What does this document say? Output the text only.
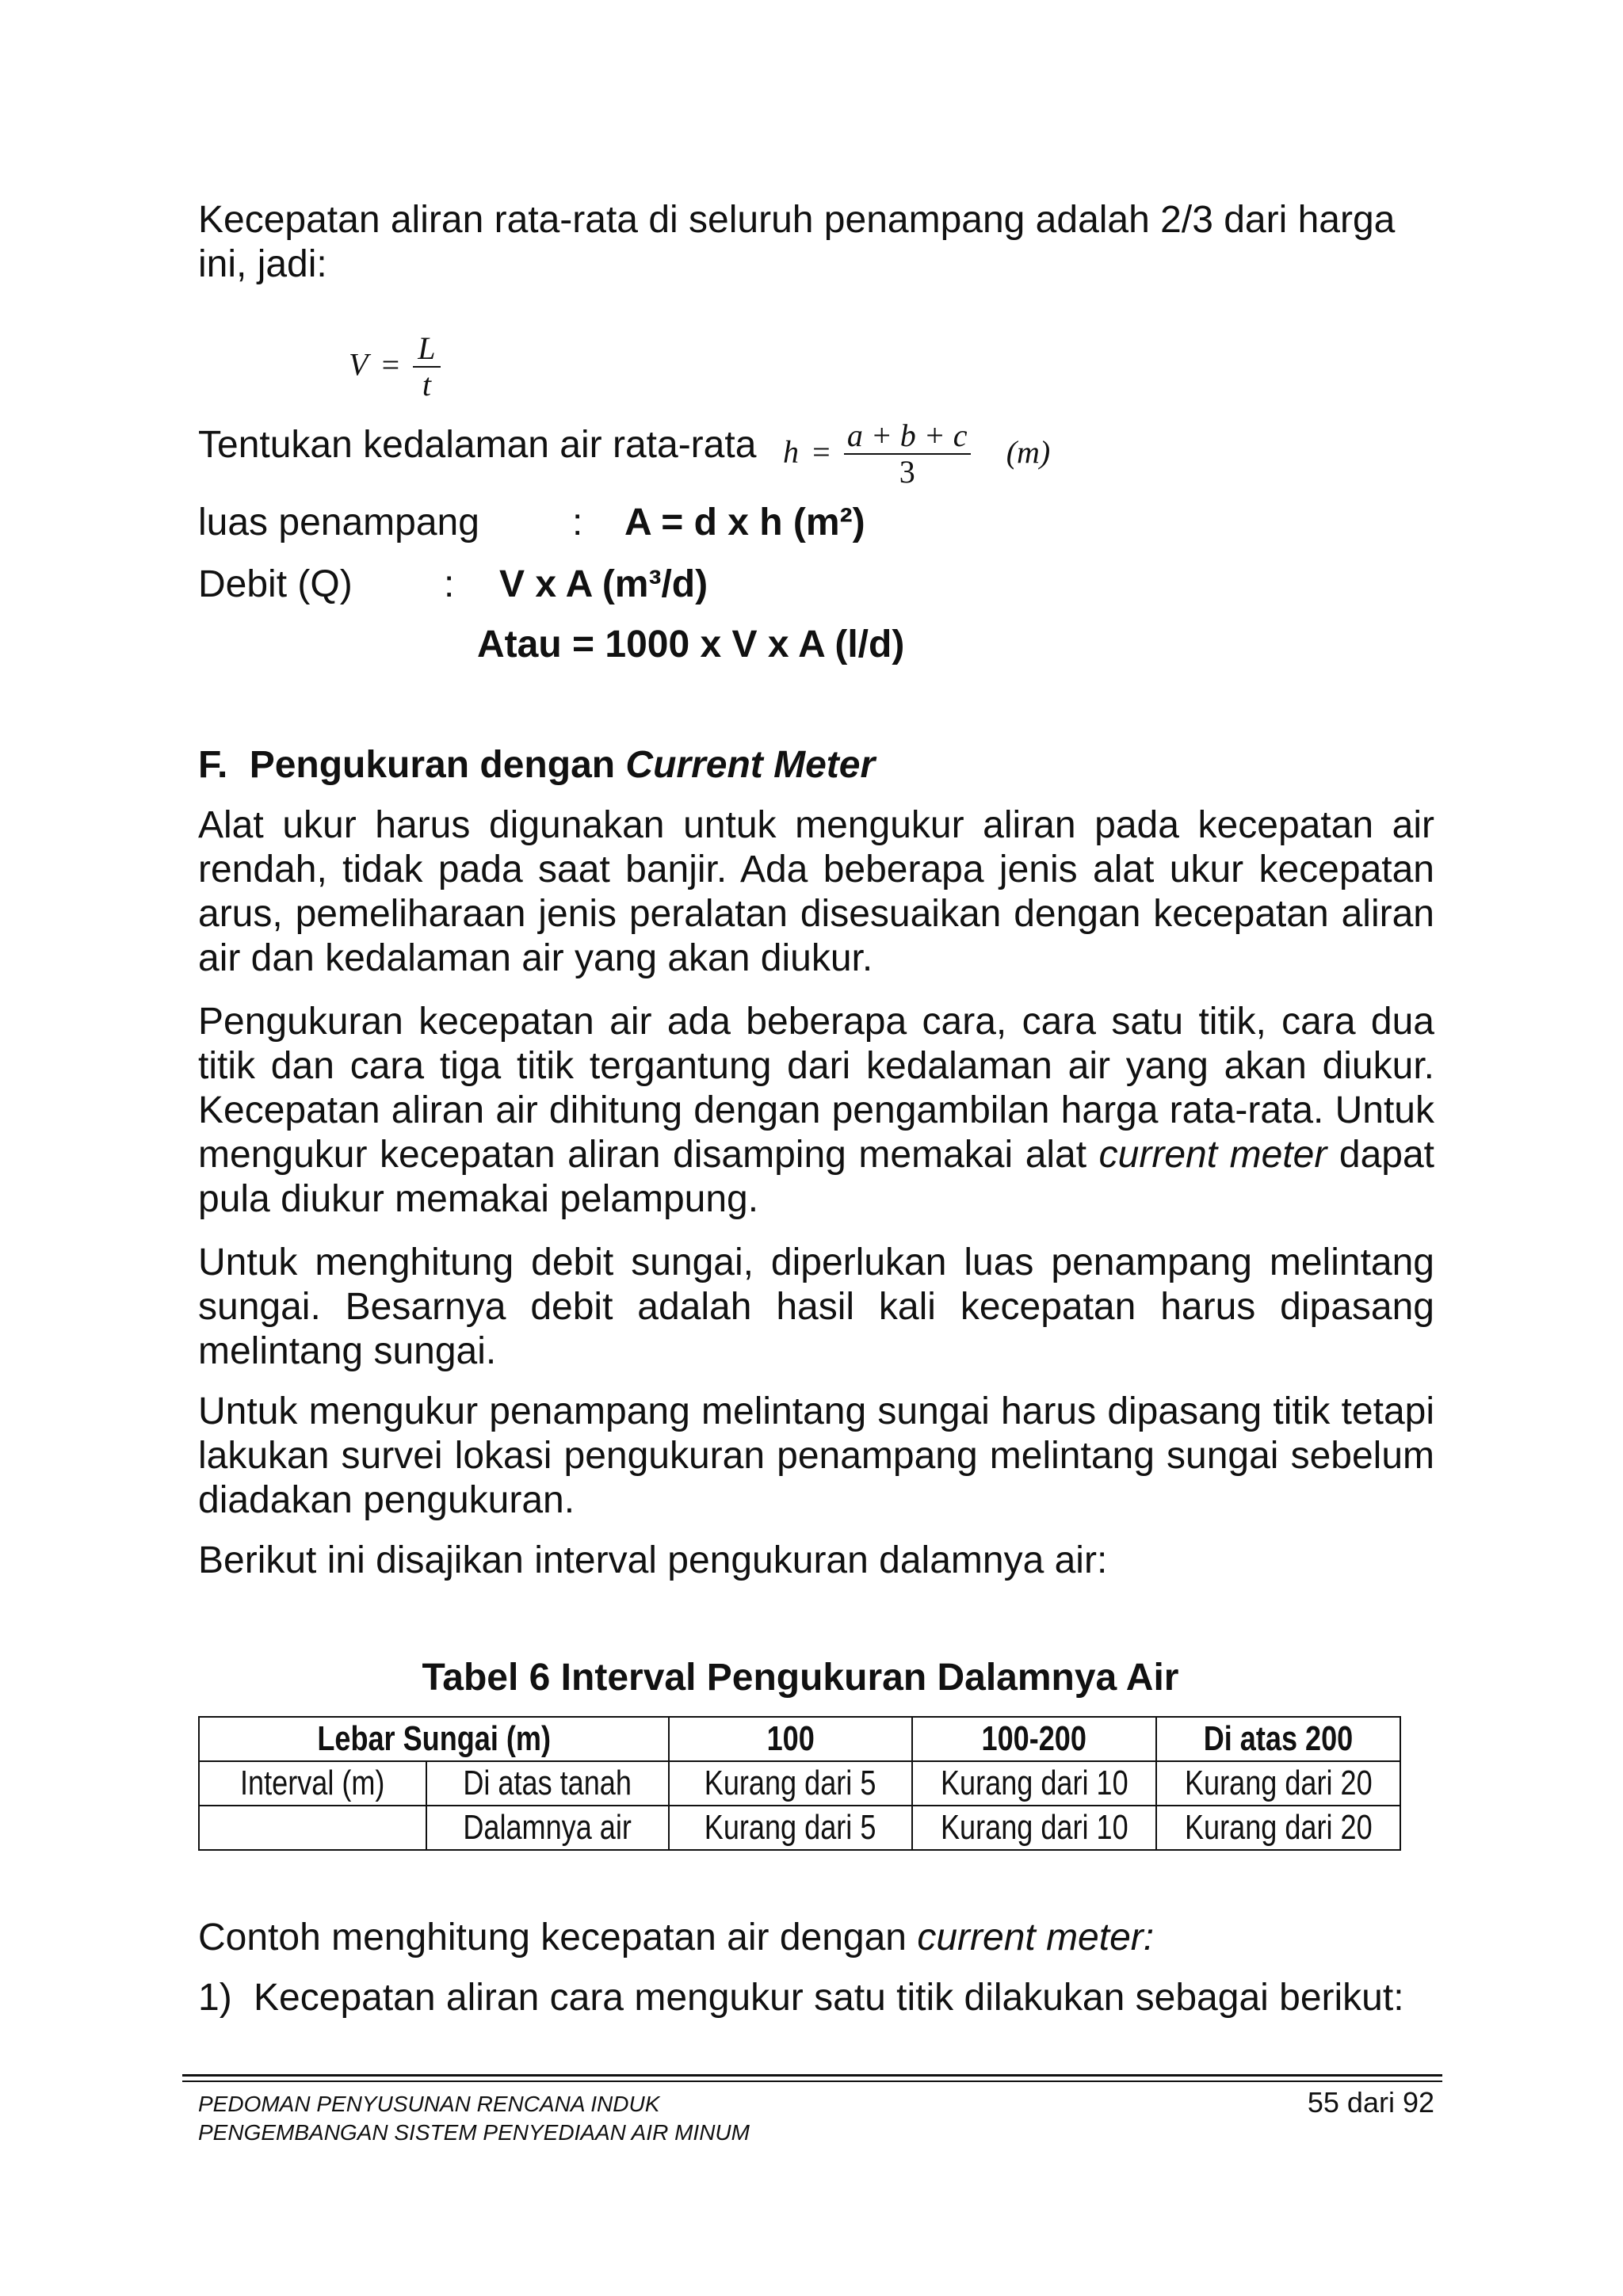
Kecepatan aliran rata-rata di seluruh penampang adalah 2/3 dari harga

ini, jadi:

$V = \frac{L}{t}$
Tentukan kedalaman air rata-rata $h = \frac{a + b + c}{3} (m)$
luas penampang : A = d x h (m²)
Debit (Q) : V x A (m³/d)
Atau = 1000 x V x A (l/d)
F. Pengukuran dengan Current Meter

Alat ukur harus digunakan untuk mengukur aliran pada kecepatan air rendah, tidak pada saat banjir. Ada beberapa jenis alat ukur kecepatan arus, pemeliharaan jenis peralatan disesuaikan dengan kecepatan aliran air dan kedalaman air yang akan diukur.

Pengukuran kecepatan air ada beberapa cara, cara satu titik, cara dua titik dan cara tiga titik tergantung dari kedalaman air yang akan diukur. Kecepatan aliran air dihitung dengan pengambilan harga rata-rata. Untuk mengukur kecepatan aliran disamping memakai alat current meter dapat pula diukur memakai pelampung.

Untuk menghitung debit sungai, diperlukan luas penampang melintang sungai. Besarnya debit adalah hasil kali kecepatan harus dipasang melintang sungai.

Untuk mengukur penampang melintang sungai harus dipasang titik tetapi lakukan survei lokasi pengukuran penampang melintang sungai sebelum diadakan pengukuran.

Berikut ini disajikan interval pengukuran dalamnya air:

Tabel 6 Interval Pengukuran Dalamnya Air
Lebar Sungai (m)		100	100-200	Di atas 200
Interval (m)	Di atas tanah	Kurang dari 5	Kurang dari 10	Kurang dari 20
	Dalamnya air	Kurang dari 5	Kurang dari 10	Kurang dari 20
Contoh menghitung kecepatan air dengan current meter:
1) Kecepatan aliran cara mengukur satu titik dilakukan sebagai berikut:
PEDOMAN PENYUSUNAN RENCANA INDUK
PENGEMBANGAN SISTEM PENYEDIAAN AIR MINUM
55 dari 92
